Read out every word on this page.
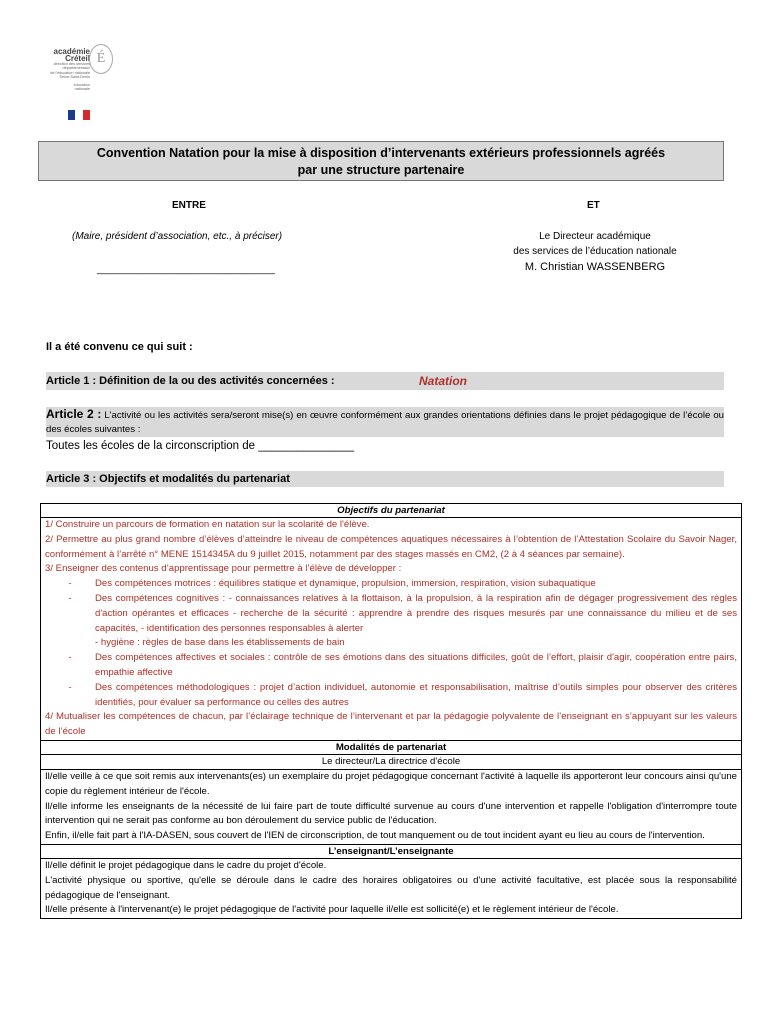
académie
Créteil
direction des services
départementaux
de l'éducation nationale
Seine-Saint-Denis
éducation
nationale
É
Convention Natation pour la mise à disposition d’intervenants extérieurs professionnels agréés
par une structure partenaire
ENTRE	ET
(Maire, président d’association, etc., à préciser)
________________________________
Le Directeur académique
des services de l’éducation nationale
M. Christian WASSENBERG
Il a été convenu ce qui suit :
Article 1 : Définition de la ou des activités concernées :	Natation
Article 2 : L'activité ou les activités sera/seront mise(s) en œuvre conformément aux grandes orientations définies dans le projet pédagogique de l’école ou des écoles suivantes :
Toutes les écoles de la circonscription de _______________
Article 3 : Objectifs et modalités du partenariat
Objectifs du partenariat
1/ Construire un parcours de formation en natation sur la scolarité de l'élève.
2/ Permettre au plus grand nombre d’élèves d’atteindre le niveau de compétences aquatiques nécessaires à l’obtention de l’Attestation Scolaire du Savoir Nager, conformément à l’arrêté n° MENE 1514345A du 9 juillet 2015, notamment par des stages massés en CM2, (2 à 4 séances par semaine).
3/ Enseigner des contenus d’apprentissage pour permettre à l’élève de développer :
-	Des compétences motrices : équilibres statique et dynamique, propulsion, immersion, respiration, vision subaquatique
-	Des compétences cognitives : - connaissances relatives à la flottaison, à la propulsion, à la respiration afin de dégager progressivement des règles d'action opérantes et efficaces - recherche de la sécurité : apprendre à prendre des risques mesurés par une connaissance du milieu et de ses capacités, - identification des personnes responsables à alerter
- hygiène : règles de base dans les établissements de bain
-	Des compétences affectives et sociales : contrôle de ses émotions dans des situations difficiles, goût de l’effort, plaisir d'agir, coopération entre pairs, empathie affective
-	Des compétences méthodologiques : projet d’action individuel, autonomie et responsabilisation, maîtrise d’outils simples pour observer des critères identifiés, pour évaluer sa performance ou celles des autres
4/ Mutualiser les compétences de chacun, par l’éclairage technique de l’intervenant et par la pédagogie polyvalente de l’enseignant en s’appuyant sur les valeurs de l’école
Modalités de partenariat
Le directeur/La directrice d'école
Il/elle veille à ce que soit remis aux intervenants(es) un exemplaire du projet pédagogique concernant l'activité à laquelle ils apporteront leur concours ainsi qu'une copie du règlement intérieur de l'école.
Il/elle informe les enseignants de la nécessité de lui faire part de toute difficulté survenue au cours d'une intervention et rappelle l'obligation d'interrompre toute intervention qui ne serait pas conforme au bon déroulement du service public de l'éducation.
Enfin, il/elle fait part à l'IA-DASEN, sous couvert de l'IEN de circonscription, de tout manquement ou de tout incident ayant eu lieu au cours de l'intervention.
L’enseignant/L’enseignante
Il/elle définit le projet pédagogique dans le cadre du projet d'école.
L'activité physique ou sportive, qu'elle se déroule dans le cadre des horaires obligatoires ou d'une activité facultative, est placée sous la responsabilité pédagogique de l'enseignant.
Il/elle présente à l'intervenant(e) le projet pédagogique de l'activité pour laquelle il/elle est sollicité(e) et le règlement intérieur de l'école.
